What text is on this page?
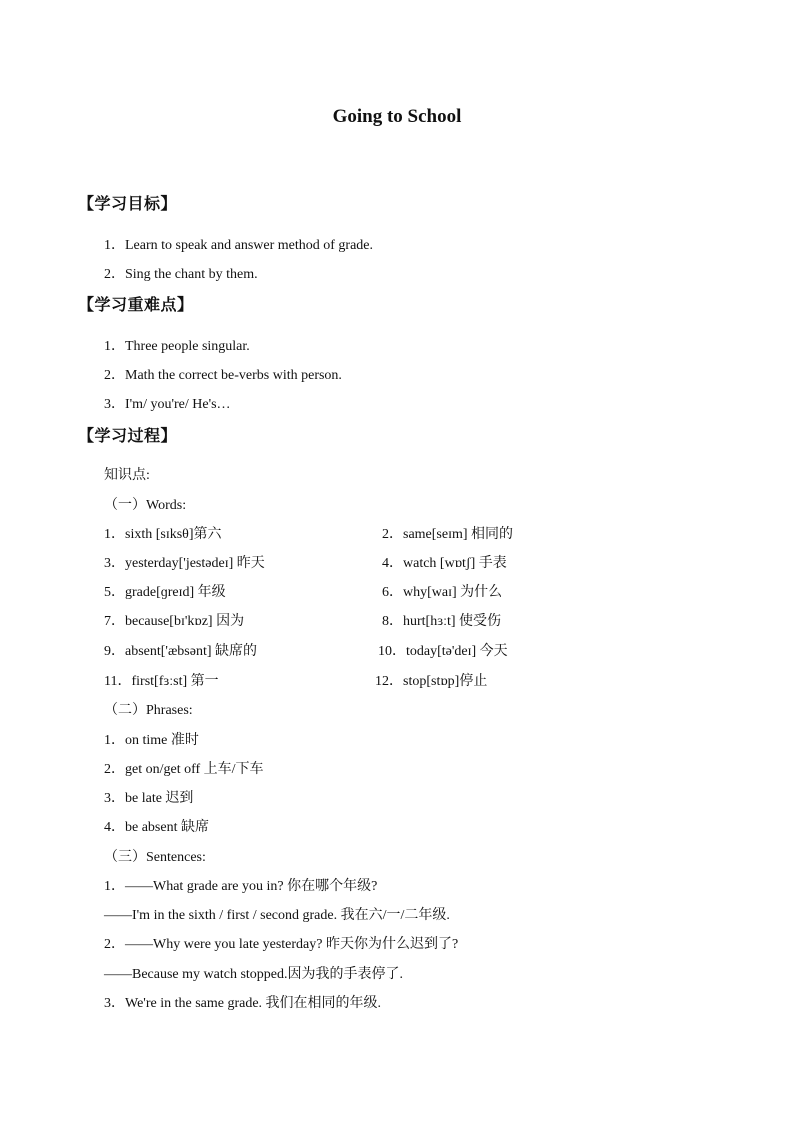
Going to School
【学习目标】
1．Learn to speak and answer method of grade.
2．Sing the chant by them.
【学习重难点】
1．Three people singular.
2．Math the correct be-verbs with person.
3．I'm/ you're/ He's…
【学习过程】
知识点:
（一）Words:
1．sixth [sɪksθ]第六
3．yesterday['jestədeɪ] 昨天
5．grade[ɡreɪd] 年级
7．because[bɪ'kɒz] 因为
9．absent['æbsənt] 缺席的
11．first[fɜːst] 第一
2．same[seɪm] 相同的
4．watch [wɒtʃ] 手表
6．why[waɪ] 为什么
8．hurt[hɜːt] 使受伤
10．today[tə'deɪ] 今天
12．stop[stɒp]停止
（二）Phrases:
1．on time 准时
2．get on/get off 上车/下车
3．be late 迟到
4．be absent 缺席
（三）Sentences:
1．——What grade are you in? 你在哪个年级?
——I'm in the sixth / first / second grade. 我在六/一/二年级.
2．——Why were you late yesterday? 昨天你为什么迟到了?
——Because my watch stopped.因为我的手表停了.
3．We're in the same grade. 我们在相同的年级.
